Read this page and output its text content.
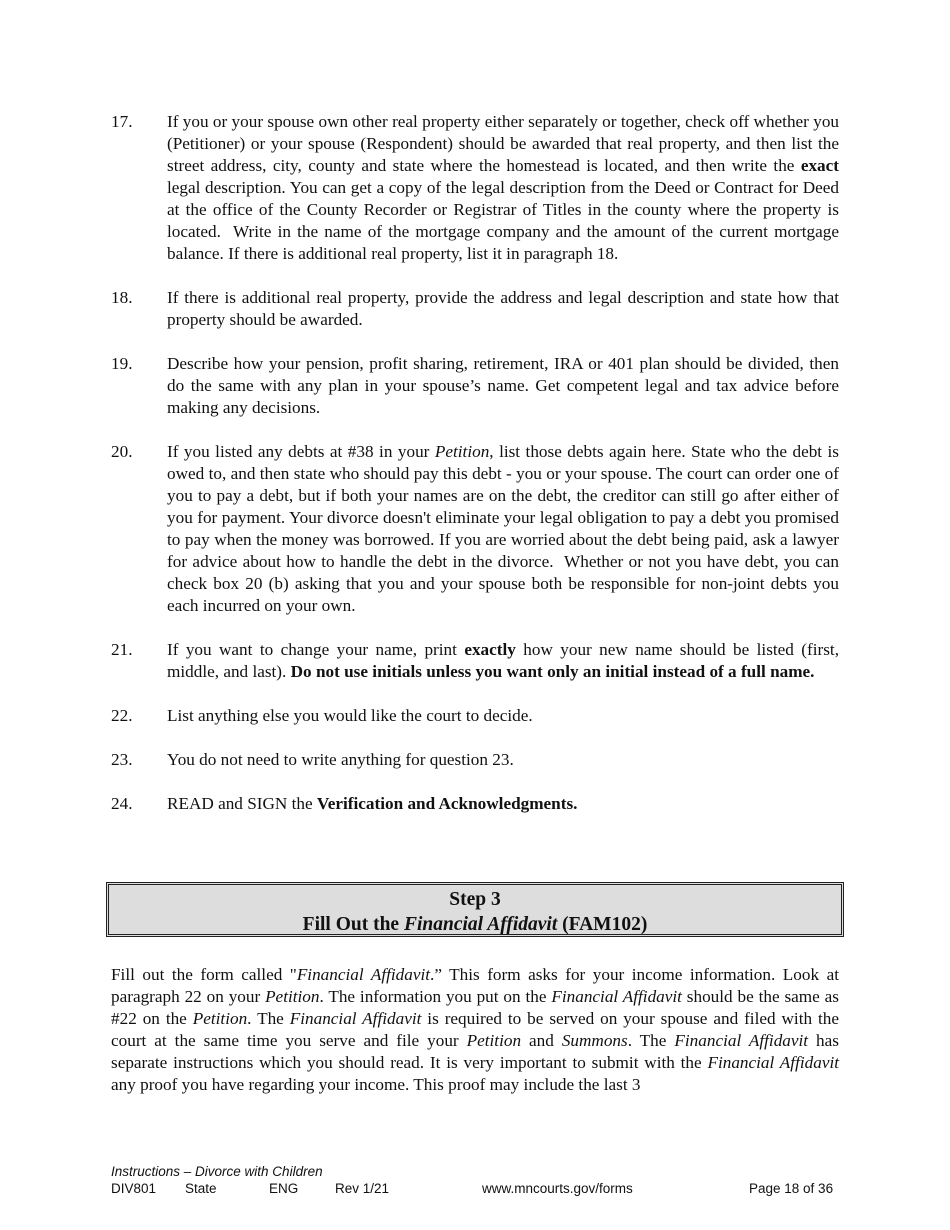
17.	If you or your spouse own other real property either separately or together, check off whether you (Petitioner) or your spouse (Respondent) should be awarded that real property, and then list the street address, city, county and state where the homestead is located, and then write the exact legal description. You can get a copy of the legal description from the Deed or Contract for Deed at the office of the County Recorder or Registrar of Titles in the county where the property is located.  Write in the name of the mortgage company and the amount of the current mortgage balance. If there is additional real property, list it in paragraph 18.
18.	If there is additional real property, provide the address and legal description and state how that property should be awarded.
19.	Describe how your pension, profit sharing, retirement, IRA or 401 plan should be divided, then do the same with any plan in your spouse’s name. Get competent legal and tax advice before making any decisions.
20.	If you listed any debts at #38 in your Petition, list those debts again here. State who the debt is owed to, and then state who should pay this debt - you or your spouse. The court can order one of you to pay a debt, but if both your names are on the debt, the creditor can still go after either of you for payment. Your divorce doesn't eliminate your legal obligation to pay a debt you promised to pay when the money was borrowed. If you are worried about the debt being paid, ask a lawyer for advice about how to handle the debt in the divorce.  Whether or not you have debt, you can check box 20 (b) asking that you and your spouse both be responsible for non-joint debts you each incurred on your own.
21.	If you want to change your name, print exactly how your new name should be listed (first, middle, and last). Do not use initials unless you want only an initial instead of a full name.
22.	List anything else you would like the court to decide.
23.	You do not need to write anything for question 23.
24.	READ and SIGN the Verification and Acknowledgments.
Step 3
Fill Out the Financial Affidavit (FAM102)
Fill out the form called "Financial Affidavit.” This form asks for your income information. Look at paragraph 22 on your Petition. The information you put on the Financial Affidavit should be the same as #22 on the Petition. The Financial Affidavit is required to be served on your spouse and filed with the court at the same time you serve and file your Petition and Summons. The Financial Affidavit has separate instructions which you should read. It is very important to submit with the Financial Affidavit any proof you have regarding your income. This proof may include the last 3
Instructions – Divorce with Children
DIV801 State	ENG	Rev 1/21	www.mncourts.gov/forms	Page 18 of 36
